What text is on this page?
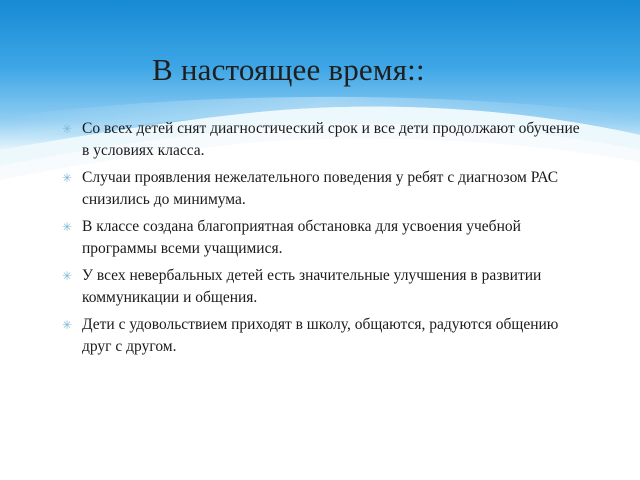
В настоящее время::
✳ Со всех детей снят диагностический срок и все дети продолжают обучение в условиях класса.
✳ Случаи проявления нежелательного поведения у ребят с диагнозом РАС снизились до минимума.
✳ В классе создана благоприятная обстановка для усвоения учебной программы всеми учащимися.
✳ У всех невербальных детей есть значительные улучшения в развитии коммуникации и общения.
✳ Дети с удовольствием приходят в школу, общаются, радуются общению друг с другом.
